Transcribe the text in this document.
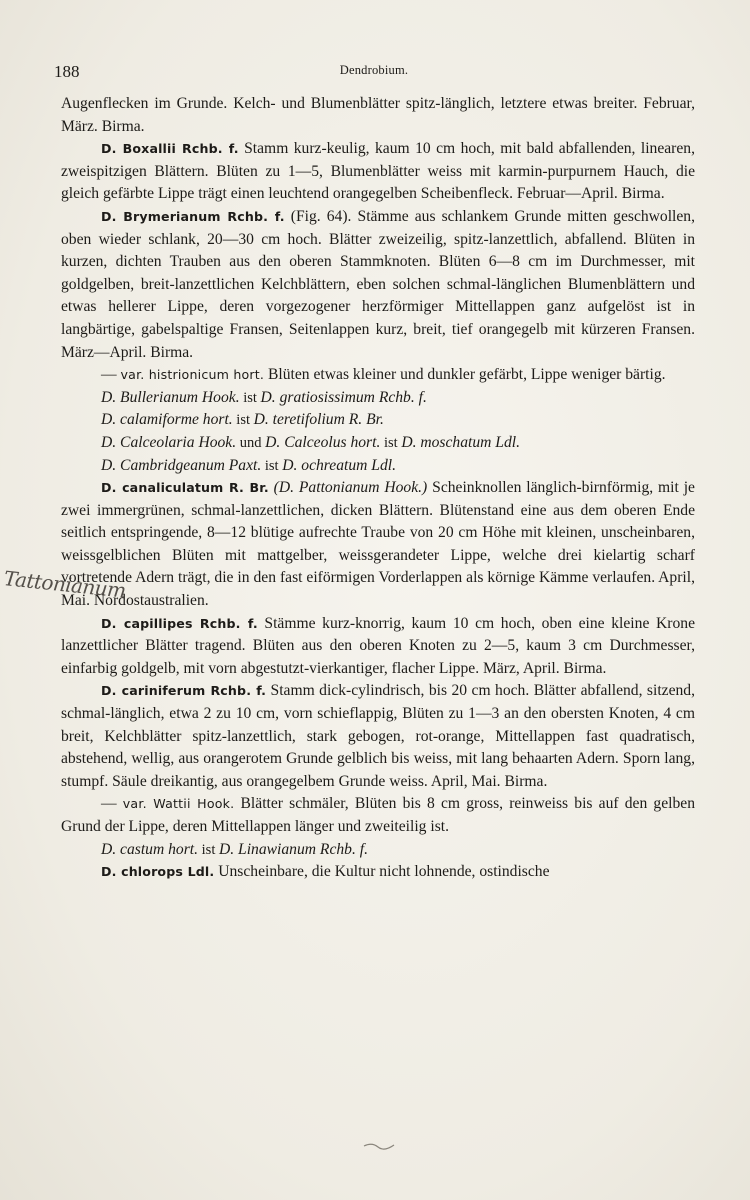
188	Dendrobium.

Augenflecken im Grunde. Kelch- und Blumenblätter spitz-länglich, letztere etwas breiter. Februar, März. Birma.

D. Boxallii Rchb. f. Stamm kurz-keulig, kaum 10 cm hoch, mit bald abfallenden, linearen, zweispitzigen Blättern. Blüten zu 1—5, Blumenblätter weiss mit karmin-purpurnem Hauch, die gleich gefärbte Lippe trägt einen leuchtend orangegelben Scheibenfleck. Februar—April. Birma.

D. Brymerianum Rchb. f. (Fig. 64). Stämme aus schlankem Grunde mitten geschwollen, oben wieder schlank, 20—30 cm hoch. Blätter zweizeilig, spitz-lanzettlich, abfallend. Blüten in kurzen, dichten Trauben aus den oberen Stammknoten. Blüten 6—8 cm im Durchmesser, mit goldgelben, breit-lanzettlichen Kelchblättern, eben solchen schmal-länglichen Blumenblättern und etwas hellerer Lippe, deren vorgezogener herzförmiger Mittellappen ganz aufgelöst ist in langbärtige, gabelspaltige Fransen, Seitenlappen kurz, breit, tief orangegelb mit kürzeren Fransen. März—April. Birma.

— var. histrionicum hort. Blüten etwas kleiner und dunkler gefärbt, Lippe weniger bärtig.

D. Bullerianum Hook. ist D. gratiosissimum Rchb. f.

D. calamiforme hort. ist D. teretifolium R. Br.

D. Calceolaria Hook. und D. Calceolus hort. ist D. moschatum Ldl.

D. Cambridgeanum Paxt. ist D. ochreatum Ldl.

D. canaliculatum R. Br. (D. Pattonianum Hook.) Scheinknollen länglich-birnförmig, mit je zwei immergrünen, schmal-lanzettlichen, dicken Blättern. Blütenstand eine aus dem oberen Ende seitlich entspringende, 8—12 blütige aufrechte Traube von 20 cm Höhe mit kleinen, unscheinbaren, weissgelblichen Blüten mit mattgelber, weissgerandeter Lippe, welche drei kielartig scharf vortretende Adern trägt, die in den fast eiförmigen Vorderlappen als körnige Kämme verlaufen. April, Mai. Nordostaustralien.

D. capillipes Rchb. f. Stämme kurz-knorrig, kaum 10 cm hoch, oben eine kleine Krone lanzettlicher Blätter tragend. Blüten aus den oberen Knoten zu 2—5, kaum 3 cm Durchmesser, einfarbig goldgelb, mit vorn abgestutzt-vierkantiger, flacher Lippe. März, April. Birma.

D. cariniferum Rchb. f. Stamm dick-cylindrisch, bis 20 cm hoch. Blätter abfallend, sitzend, schmal-länglich, etwa 2 zu 10 cm, vorn schieflappig, Blüten zu 1—3 an den obersten Knoten, 4 cm breit, Kelchblätter spitz-lanzettlich, stark gebogen, rot-orange, Mittellappen fast quadratisch, abstehend, wellig, aus orangerotem Grunde gelblich bis weiss, mit lang behaarten Adern. Sporn lang, stumpf. Säule dreikantig, aus orangegelbem Grunde weiss. April, Mai. Birma.

— var. Wattii Hook. Blätter schmäler, Blüten bis 8 cm gross, reinweiss bis auf den gelben Grund der Lippe, deren Mittellappen länger und zweiteilig ist.

D. castum hort. ist D. Linawianum Rchb. f.

D. chlorops Ldl. Unscheinbare, die Kultur nicht lohnende, ostindische

Tattonianum
